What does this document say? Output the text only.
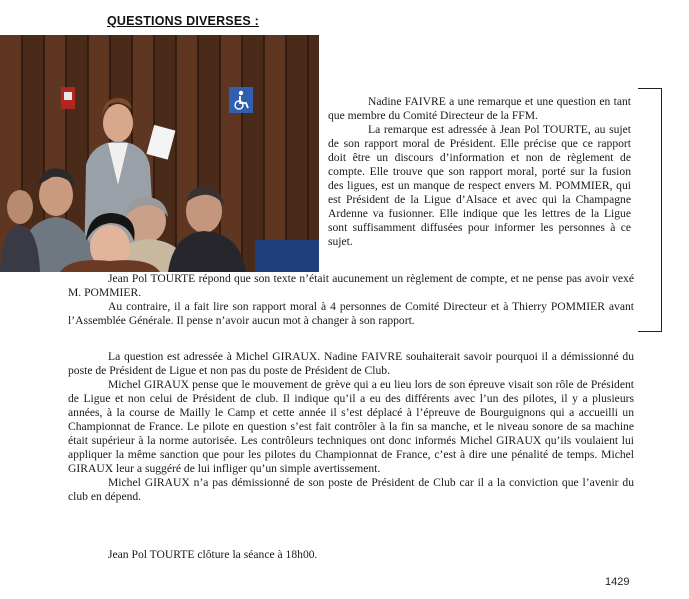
QUESTIONS DIVERSES :

Nadine FAIVRE a une remarque et une question en tant que membre du Comité Directeur de la FFM.

La remarque est adressée à Jean Pol TOURTE, au sujet de son rapport moral de Président. Elle précise que ce rapport doit être un discours d’information et non de règlement de compte. Elle trouve que son rapport moral, porté sur la fusion des ligues, est un manque de respect envers M. POMMIER, qui est Président de la Ligue d’Alsace et avec qui la Champagne Ardenne va fusionner. Elle indique que les lettres de la Ligue sont suffisamment diffusées pour informer les personnes à ce sujet.

Jean Pol TOURTE répond que son texte n’était aucunement un règlement de compte, et ne pense pas avoir vexé M. POMMIER.

Au contraire, il a fait lire son rapport moral à 4 personnes de Comité Directeur et à Thierry POMMIER avant l’Assemblée Générale. Il pense n’avoir aucun mot à changer à son rapport.

La question est adressée à Michel GIRAUX. Nadine FAIVRE souhaiterait savoir pourquoi il a démissionné du poste de Président de Ligue et non pas du poste de Président de Club.

Michel GIRAUX pense que le mouvement de grève qui a eu lieu lors de son épreuve visait son rôle de Président de Ligue et non celui de Président de club. Il indique qu’il a eu des différents avec l’un des pilotes, il y a plusieurs années, à la course de Mailly le Camp et cette année il s’est déplacé à l’épreuve de Bourguignons qui a accueilli un Championnat de France. Le pilote en question s’est fait contrôler à la fin sa manche, et le niveau sonore de sa machine était supérieur à la norme autorisée. Les contrôleurs techniques ont donc informés Michel GIRAUX qu’ils voulaient lui appliquer la même sanction que pour les pilotes du Championnat de France, c’est à dire une pénalité de temps. Michel GIRAUX leur a suggéré de lui infliger qu’un simple avertissement.

Michel GIRAUX n’a pas démissionné de son poste de Président de Club car il a la conviction que l’avenir du club en dépend.

Jean Pol TOURTE clôture la séance à 18h00.

1429
